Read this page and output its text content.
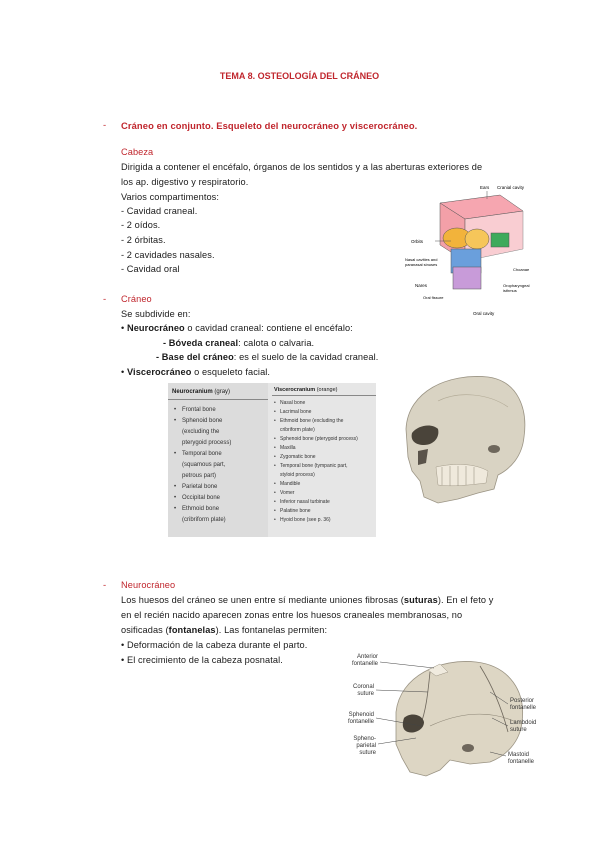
TEMA 8. OSTEOLOGÍA DEL CRÁNEO
- Cráneo en conjunto. Esqueleto del neurocráneo y viscerocráneo.
Cabeza
Dirigida a contener el encéfalo, órganos de los sentidos y a las aberturas exteriores de
los ap. digestivo y respiratorio.
Varios compartimentos:
- Cavidad craneal.
- 2 oídos.
- 2 órbitas.
- 2 cavidades nasales.
- Cavidad oral
Ears Cranial cavity
Orbits
Nasal cavities and
paranasal sinuses
Choanae
Nares
Oral fissure
Oropharyngeal
isthmus
Oral cavity
- Cráneo
Se subdivide en:
• Neurocráneo o cavidad craneal: contiene el encéfalo:
- Bóveda craneal: calota o calvaria.
- Base del cráneo: es el suelo de la cavidad craneal.
• Viscerocráneo o esqueleto facial.
Neurocranium (gray)
• Frontal bone
• Sphenoid bone
(excluding the
pterygoid process)
• Temporal bone
(squamous part,
petrous part)
• Parietal bone
• Occipital bone
• Ethmoid bone
(cribriform plate)
Viscerocranium (orange)
• Nasal bone
• Lacrimal bone
• Ethmoid bone (excluding the
cribriform plate)
• Sphenoid bone (pterygoid process)
• Maxilla
• Zygomatic bone
• Temporal bone (tympanic part,
styloid process)
• Mandible
• Vomer
• Inferior nasal turbinate
• Palatine bone
• Hyoid bone (see p. 36)
- Neurocráneo
Los huesos del cráneo se unen entre sí mediante uniones fibrosas (suturas). En el feto y
en el recién nacido aparecen zonas entre los huesos craneales membranosas, no
osificadas (fontanelas). Las fontanelas permiten:
• Deformación de la cabeza durante el parto.
• El crecimiento de la cabeza posnatal.	Anterior
fontanelle
Coronal
suture
Sphenoid
fontanelle
Spheno-
parietal
suture
Posterior
fontanelle
Lambdoid
suture
Mastoid
fontanelle
